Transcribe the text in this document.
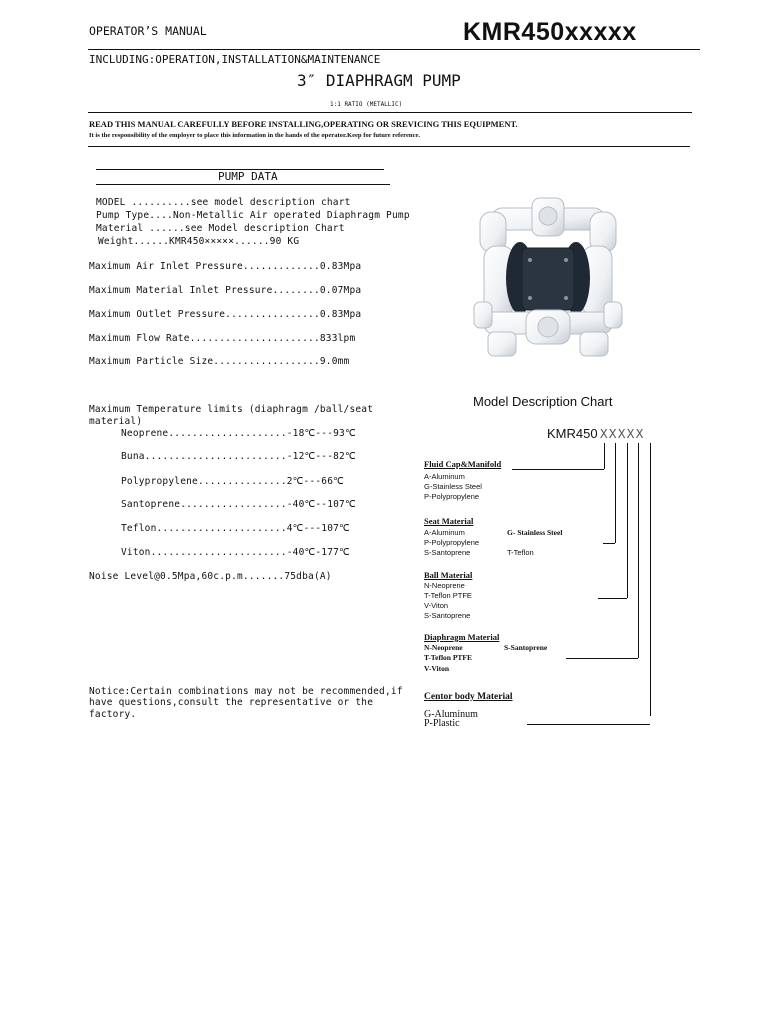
OPERATOR’S MANUAL	KMR450xxxxx
INCLUDING:OPERATION,INSTALLATION&MAINTENANCE
3″ DIAPHRAGM PUMP
1:1 RATIO (METALLIC)
READ THIS MANUAL CAREFULLY BEFORE INSTALLING,OPERATING OR SREVICING THIS EQUIPMENT.
It is the responsibility of the employer to place this information in the hands of the operator.Keep for future reference.
PUMP DATA
MODEL ..........see model description chart
Pump Type....Non-Metallic Air operated Diaphragm Pump
Material ......see Model description Chart
Weight......KMR450×××××......90 KG
Maximum Air Inlet Pressure.............0.83Mpa
Maximum Material Inlet Pressure........0.07Mpa
Maximum Outlet Pressure................0.83Mpa
Maximum Flow Rate......................833lpm
Maximum Particle Size..................9.0mm
Maximum Temperature limits (diaphragm /ball/seat
material)
Neoprene....................-18℃---93℃
Buna........................-12℃---82℃
Polypropylene...............2℃---66℃
Santoprene..................-40℃--107℃
Teflon......................4℃---107℃
Viton.......................-40℃-177℃
Noise Level@0.5Mpa,60c.p.m.......75dba(A)
Notice:Certain combinations may not be recommended,if
have questions,consult the representative or the
factory.
Model Description Chart
KMR450 XXXXX
Fluid Cap&Manifold
A-Aluminum
G-Stainless Steel
P-Polypropylene
Seat Material
A-Aluminum
P-Polypropylene
S-Santoprene
G- Stainless Steel
T-Teflon
Ball Material
N-Neoprene
T-Teflon PTFE
V-Viton
S-Santoprene
Diaphragm Material
N-Neoprene
T-Teflon PTFE
V-Viton
S-Santoprene
Centor body Material
G-Aluminum
P-Plastic
